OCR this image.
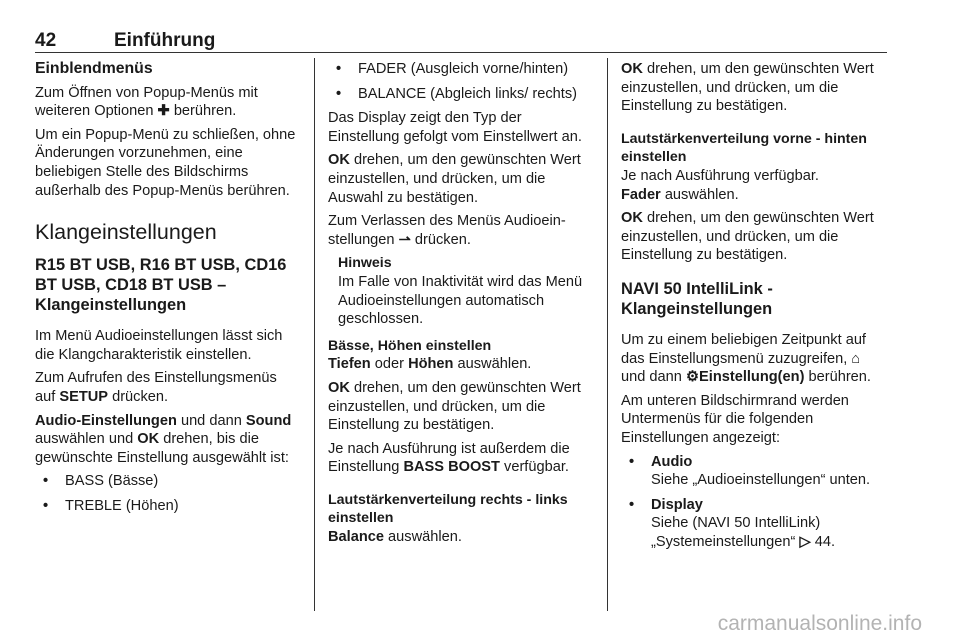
42	Einführung
Einblendmenüs

Zum Öffnen von Popup-Menüs mit weiteren Optionen ✚ berühren.

Um ein Popup-Menü zu schließen, ohne Änderungen vorzunehmen, eine beliebigen Stelle des Bildschirms außerhalb des Popup-Menüs berühren.

Klangeinstellungen
R15 BT USB, R16 BT USB, CD16 BT USB, CD18 BT USB – Klangeinstellungen

Im Menü Audioeinstellungen lässt sich die Klangcharakteristik einstellen.

Zum Aufrufen des Einstellungsmenüs auf SETUP drücken.

Audio-Einstellungen und dann Sound auswählen und OK drehen, bis die gewünschte Einstellung ausgewählt ist:

• BASS (Bässe)
• TREBLE (Höhen)
• FADER (Ausgleich vorne/hinten)
• BALANCE (Abgleich links/ rechts)

Das Display zeigt den Typ der Einstellung gefolgt vom Einstellwert an.

OK drehen, um den gewünschten Wert einzustellen, und drücken, um die Auswahl zu bestätigen.

Zum Verlassen des Menüs Audioeinstellungen ⇀ drücken.

Hinweis
Im Falle von Inaktivität wird das Menü Audioeinstellungen automatisch geschlossen.
Bässe, Höhen einstellen

Tiefen oder Höhen auswählen.

OK drehen, um den gewünschten Wert einzustellen, und drücken, um die Einstellung zu bestätigen.

Je nach Ausführung ist außerdem die Einstellung BASS BOOST verfügbar.

Lautstärkenverteilung rechts - links einstellen

Balance auswählen.

OK drehen, um den gewünschten Wert einzustellen, und drücken, um die Einstellung zu bestätigen.

Lautstärkenverteilung vorne - hinten einstellen

Je nach Ausführung verfügbar.

Fader auswählen.

OK drehen, um den gewünschten Wert einzustellen, und drücken, um die Einstellung zu bestätigen.

NAVI 50 IntelliLink - Klangeinstellungen

Um zu einem beliebigen Zeitpunkt auf das Einstellungsmenü zuzugreifen, ⌂ und dann ⚙Einstellung(en) berühren.

Am unteren Bildschirmrand werden Untermenüs für die folgenden Einstellungen angezeigt:

• Audio
Siehe „Audioeinstellungen“ unten.
• Display
Siehe (NAVI 50 IntelliLink) „Systemeinstellungen“ ▷ 44.
carmanualsonline.info
